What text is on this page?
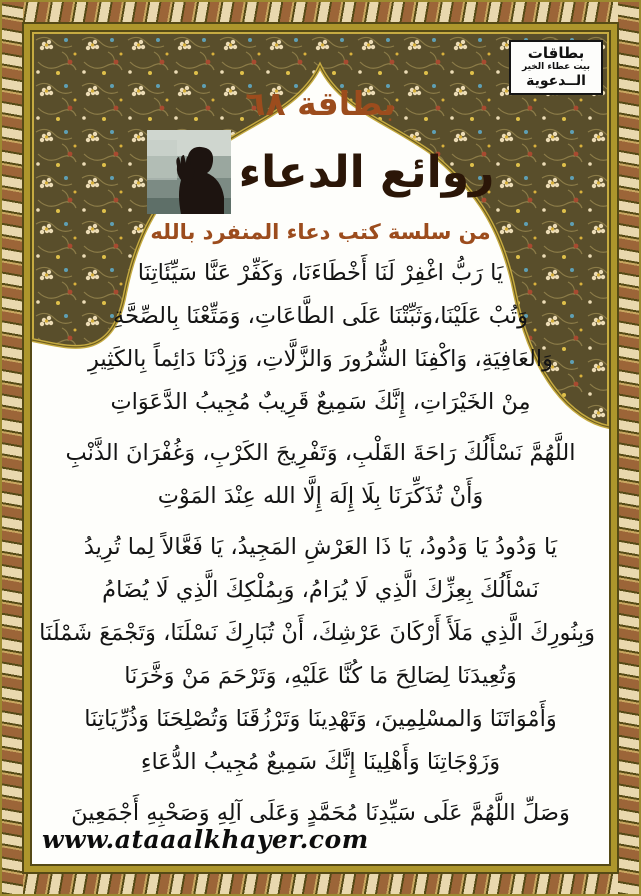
بطاقات
بيت عطاء الخير
الــدعوية
بطاقة ٦٨
روائع الدعاء
من سلسة كتب دعاء المنفرد بالله

يَا رَبُّ اغْفِرْ لَنَا أَخْطَاءَنَا، وَكَفِّرْ عَنَّا سَيِّئَاتِنَا
وَتُبْ عَلَيْنَا،وَثَبِّتْنَا عَلَى الطَّاعَاتِ، وَمَتِّعْنَا بِالصِّحَّةِ
وَالعَافِيَةِ، وَاكْفِنَا الشُّرُورَ وَالزَّلَّاتِ، وَزِدْنَا دَائِماً بِالكَثِيرِ
مِنْ الخَيْرَاتِ، إِنَّكَ سَمِيعٌ قَرِيبٌ مُجِيبُ الدَّعَوَاتِ

اللَّهُمَّ نَسْأَلُكَ رَاحَةَ القَلْبِ، وَتَفْرِيجَ الكَرْبِ، وَغُفْرَانَ الذَّنْبِ
وَأَنْ تُذَكِّرَنَا بِلَا إِلَهَ إِلَّا الله عِنْدَ المَوْتِ

يَا وَدُودُ يَا وَدُودُ، يَا ذَا العَرْشِ المَجِيدُ، يَا فَعَّالاً لِما تُرِيدُ
نَسْأَلُكَ بِعِزِّكَ الَّذِي لَا يُرَامُ، وَبِمُلْكِكَ الَّذِي لَا يُضَامُ
وَبِنُورِكَ الَّذِي مَلَأَ أَرْكَانَ عَرْشِكَ، أَنْ تُبَارِكَ نَسْلَنَا، وَتَجْمَعَ شَمْلَنَا
وَتُعِيدَنَا لِصَالِحَ مَا كُنَّا عَلَيْهِ، وَتَرْحَمَ مَنْ وَخَّرَنَا
وَأَمْوَاتَنَا وَالمسْلِمِينَ، وَتَهْدِينَا وَتَرْزُقَنَا وَتُصْلِحَنَا وَذُرِّيَاتِنَا
وَزَوْجَاتِنَا وَأَهْلِينَا إِنَّكَ سَمِيعٌ مُجِيبُ الدُّعَاءِ

وَصَلِّ اللَّهُمَّ عَلَى سَيِّدِنَا مُحَمَّدٍ وَعَلَى آلِهِ وَصَحْبِهِ أَجْمَعِينَ

www.ataaalkhayer.com
